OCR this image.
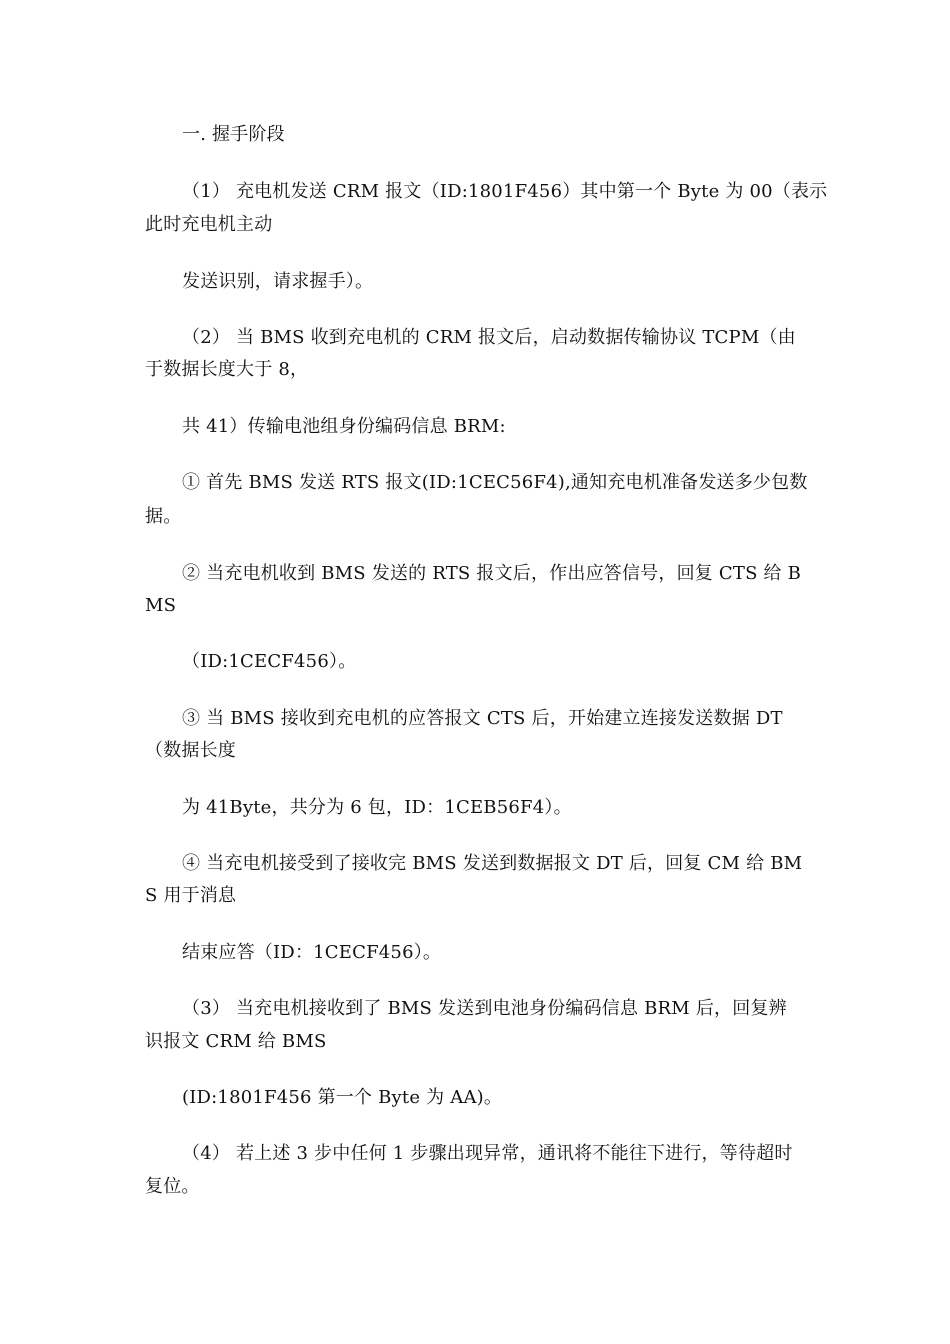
一. 握手阶段
（1） 充电机发送 CRM 报文（ID:1801F456）其中第一个 Byte 为 00（表示
此时充电机主动
发送识别，请求握手）。
（2） 当 BMS 收到充电机的 CRM 报文后，启动数据传输协议 TCPM（由
于数据长度大于 8，
共 41）传输电池组身份编码信息 BRM:
① 首先 BMS 发送 RTS 报文(ID:1CEC56F4),通知充电机准备发送多少包数
据。
② 当充电机收到 BMS 发送的 RTS 报文后，作出应答信号，回复 CTS 给 B
MS
（ID:1CECF456）。
③ 当 BMS 接收到充电机的应答报文 CTS 后，开始建立连接发送数据 DT
（数据长度
为 41Byte，共分为 6 包，ID：1CEB56F4）。
④ 当充电机接受到了接收完 BMS 发送到数据报文 DT 后，回复 CM 给 BM
S 用于消息
结束应答（ID：1CECF456）。
（3） 当充电机接收到了 BMS 发送到电池身份编码信息 BRM 后，回复辨
识报文 CRM 给 BMS
(ID:1801F456 第一个 Byte 为 AA)。
（4） 若上述 3 步中任何 1 步骤出现异常，通讯将不能往下进行，等待超时
复位。
